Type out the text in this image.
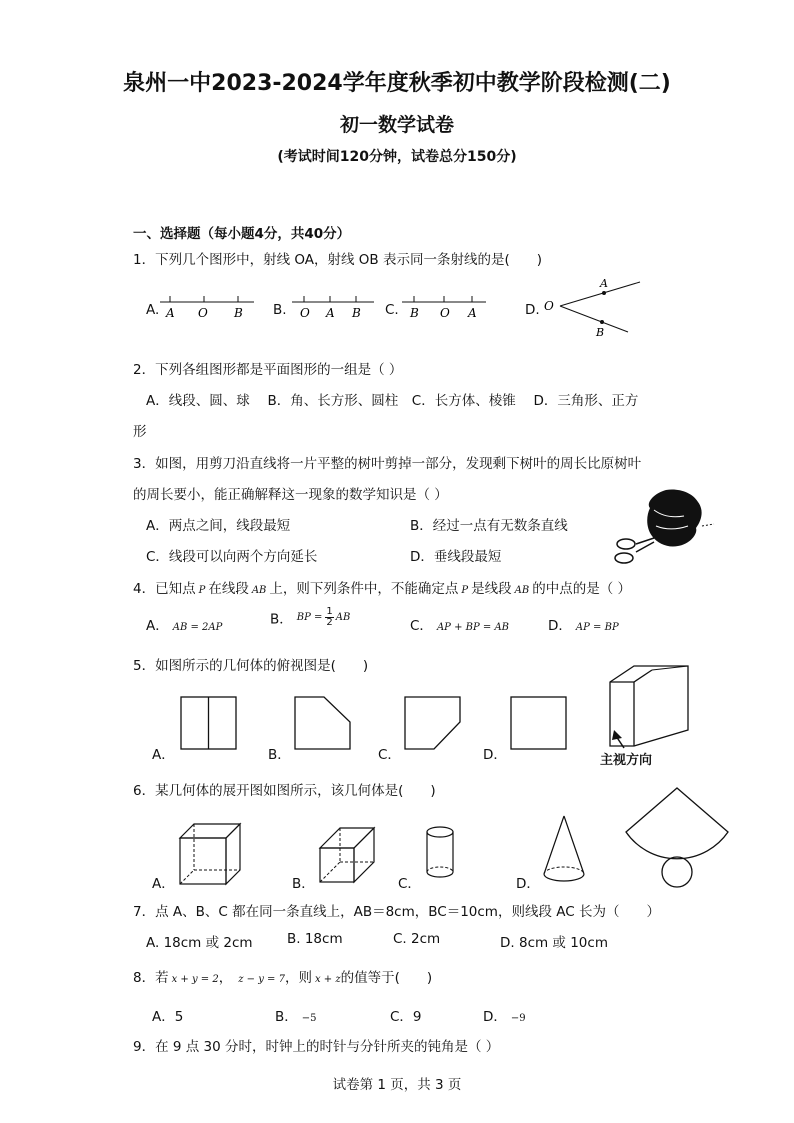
泉州一中2023-2024学年度秋季初中教学阶段检测(二)
初一数学试卷
(考试时间120分钟，试卷总分150分)
一、选择题（每小题4分，共40分）
1．下列几个图形中，射线 OA，射线 OB 表示同一条射线的是(　　)
A. A O B B. O A B C. B O A	D. O
A
B
2．下列各组图形都是平面图形的一组是（ ）
A．线段、圆、球　 B．角、长方形、圆柱　C．长方体、棱锥　 D．三角形、正方
形
3．如图，用剪刀沿直线将一片平整的树叶剪掉一部分，发现剩下树叶的周长比原树叶
的周长要小，能正确解释这一现象的数学知识是（ ）
A．两点之间，线段最短	B．经过一点有无数条直线
C．线段可以向两个方向延长	D．垂线段最短
4．已知点 P 在线段 AB 上，则下列条件中，不能确定点 P 是线段 AB 的中点的是（ ）
A． AB = 2AP	B． BP = $\frac{1}{2}$ AB
C． AP + BP = AB	D． AP = BP
5．如图所示的几何体的俯视图是(　　)
A．	B．	C．	D．	主视方向
6．某几何体的展开图如图所示，该几何体是(　　)
A．	B．	C．	D．
7．点 A、B、C 都在同一条直线上，AB＝8cm，BC＝10cm，则线段 AC 长为（　　）
A. 18cm 或 2cm	B. 18cm	C. 2cm	D. 8cm 或 10cm
8．若 x + y = 2， z − y = 7，则 x + z的值等于(　　)
A．5	B． −5	C．9	D． −9
9．在 9 点 30 分时，时钟上的时针与分针所夹的钝角是（ ）
试卷第 1 页，共 3 页
